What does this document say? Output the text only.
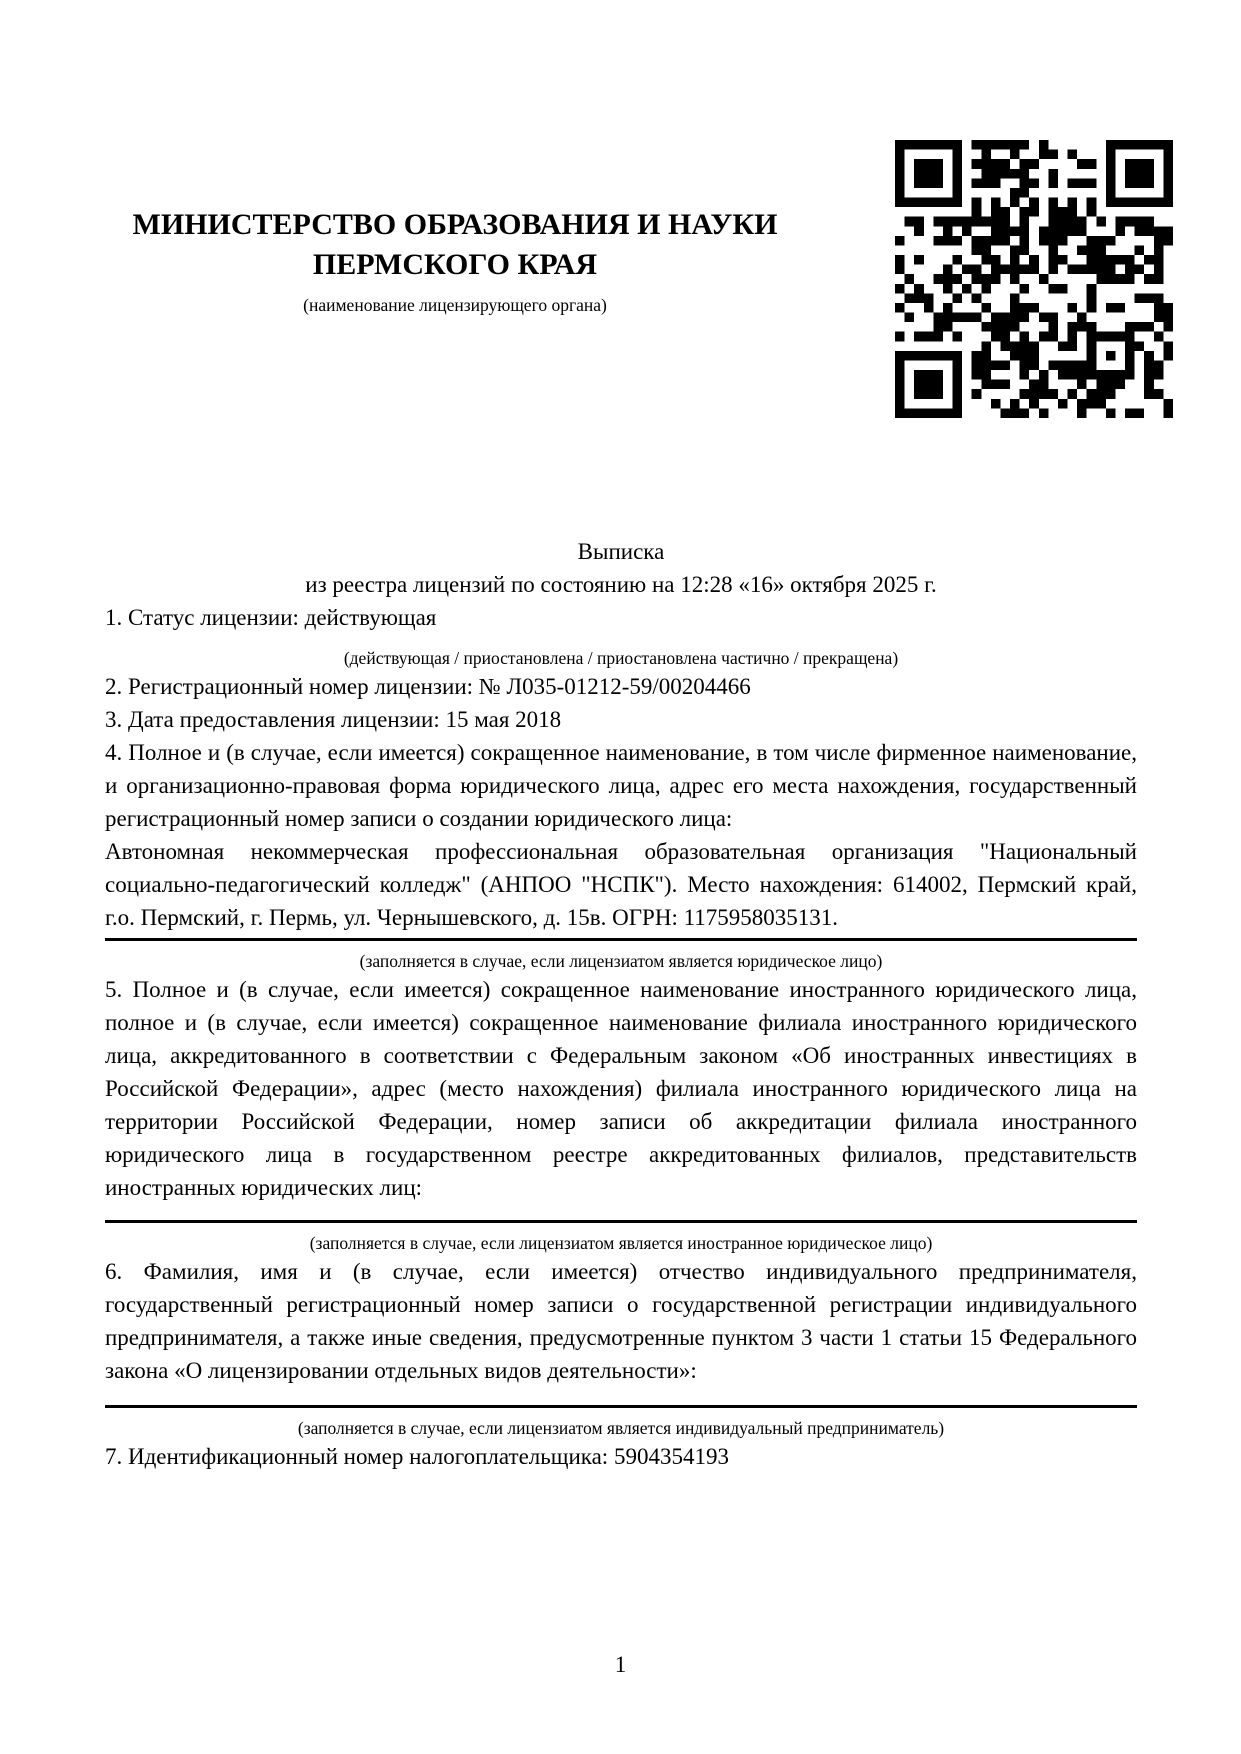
МИНИСТЕРСТВО ОБРАЗОВАНИЯ И НАУКИ
ПЕРМСКОГО КРАЯ
(наименование лицензирующего органа)
Выписка
из реестра лицензий по состоянию на 12:28 «16» октября 2025 г.

1. Статус лицензии: действующая

(действующая / приостановлена / приостановлена частично / прекращена)

2. Регистрационный номер лицензии: № Л035-01212-59/00204466

3. Дата предоставления лицензии: 15 мая 2018

4. Полное и (в случае, если имеется) сокращенное наименование, в том числе фирменное наименование, и организационно-правовая форма юридического лица, адрес его места нахождения, государственный регистрационный номер записи о создании юридического лица:

Автономная некоммерческая профессиональная образовательная организация "Национальный социально-педагогический колледж" (АНПОО "НСПК"). Место нахождения: 614002, Пермский край, г.о. Пермский, г. Пермь, ул. Чернышевского, д. 15в. ОГРН: 1175958035131.

(заполняется в случае, если лицензиатом является юридическое лицо)

5. Полное и (в случае, если имеется) сокращенное наименование иностранного юридического лица, полное и (в случае, если имеется) сокращенное наименование филиала иностранного юридического лица, аккредитованного в соответствии с Федеральным законом «Об иностранных инвестициях в Российской Федерации», адрес (место нахождения) филиала иностранного юридического лица на территории Российской Федерации, номер записи об аккредитации филиала иностранного юридического лица в государственном реестре аккредитованных филиалов, представительств иностранных юридических лиц:

(заполняется в случае, если лицензиатом является иностранное юридическое лицо)

6. Фамилия, имя и (в случае, если имеется) отчество индивидуального предпринимателя, государственный регистрационный номер записи о государственной регистрации индивидуального предпринимателя, а также иные сведения, предусмотренные пунктом 3 части 1 статьи 15 Федерального закона «О лицензировании отдельных видов деятельности»:

(заполняется в случае, если лицензиатом является индивидуальный предприниматель)

7. Идентификационный номер налогоплательщика: 5904354193

1
